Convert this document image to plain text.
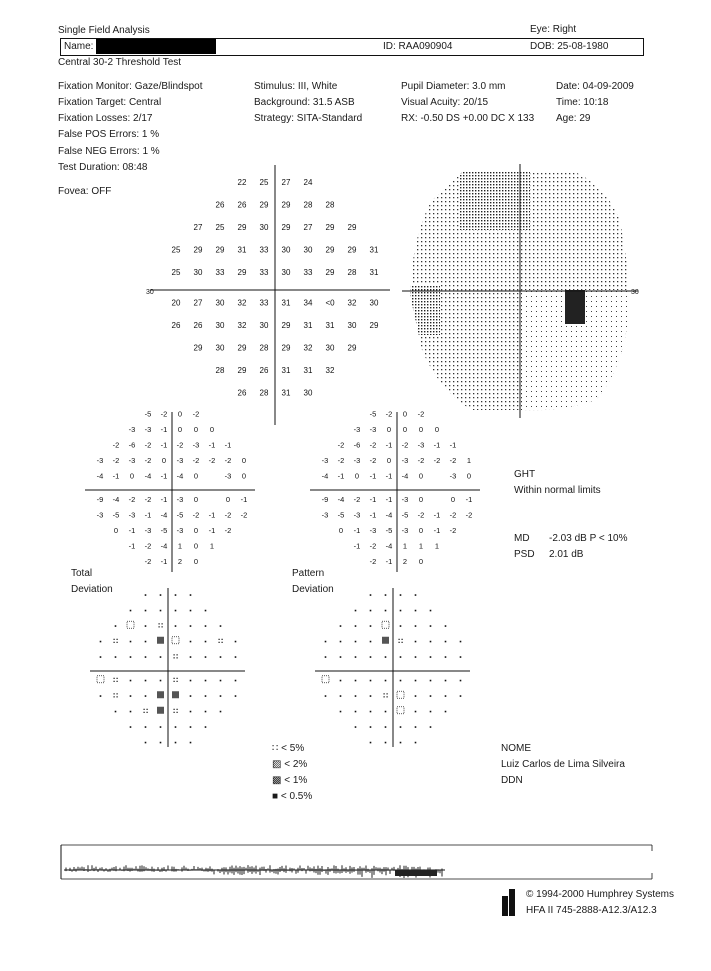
Single Field Analysis	Eye: Right
Name:	ID: RAA090904	DOB: 25-08-1980
Central 30-2 Threshold Test
Fixation Monitor: Gaze/Blindspot
Fixation Target: Central
Fixation Losses: 2/17
False POS Errors: 1 %
False NEG Errors: 1 %
Test Duration: 08:48
Fovea: OFF
Stimulus: III, White
Background: 31.5 ASB
Strategy: SITA-Standard
Pupil Diameter: 3.0 mm
Visual Acuity: 20/15
RX: -0.50 DS +0.00 DC X 133
Date: 04-09-2009
Time: 10:18
Age: 29
30
22 25 27 24
26 26 29 29 28 28
27 25 29 30 29 27 29 29
25 29 29 31 33 30 30 29 29 31
25 30 33 29 33 30 33 29 28 31
20 27 30 32 33 31 34 <0 32 30
26 26 30 32 30 29 31 31 30 29
29 30 29 28 29 32 30 29
28 29 26 31 31 32
26 28 31 30
30
-5 -2 0 -2
-3 -3 -1 0 0 0
-2 -6 -2 -1 -2 -3 -1 -1
-3 -2 -3 -2 0 -3 -2 -2 -2 0
-4 -1 0 -4 -1 -4 0	-3 0
-9 -4 -2 -2 -1 -3 0	0 -1
-3 -5 -3 -1 -4 -5 -2 -1 -2 -2
0 -1 -3 -5 -3 0 -1 -2
-1 -2 -4 1 0 1
-2 -1 2 0
-5 -2 0 -2
-3 -3 0 0 0 0
-2 -6 -2 -1 -2 -3 -1 -1
-3 -2 -3 -2 0 -3 -2 -2 -2 1
-4 -1 0 -1 -1 -4 0	-3 0
-9 -4 -2 -1 -1 -3 0	0 -1
-3 -5 -3 -1 -4 -5 -2 -1 -2 -2
0 -1 -3 -5 -3 0 -1 -2
-1 -2 -4 1 1 1
-2 -1 2 0
GHT
Within normal limits
MD -2.03 dB P < 10%
PSD 2.01 dB
Total
Deviation
Pattern
Deviation
∷ < 5%
▨ < 2%
▩ < 1%
■ < 0.5%
NOME
Luiz Carlos de Lima Silveira
DDN
© 1994-2000 Humphrey Systems
HFA II 745-2888-A12.3/A12.3
